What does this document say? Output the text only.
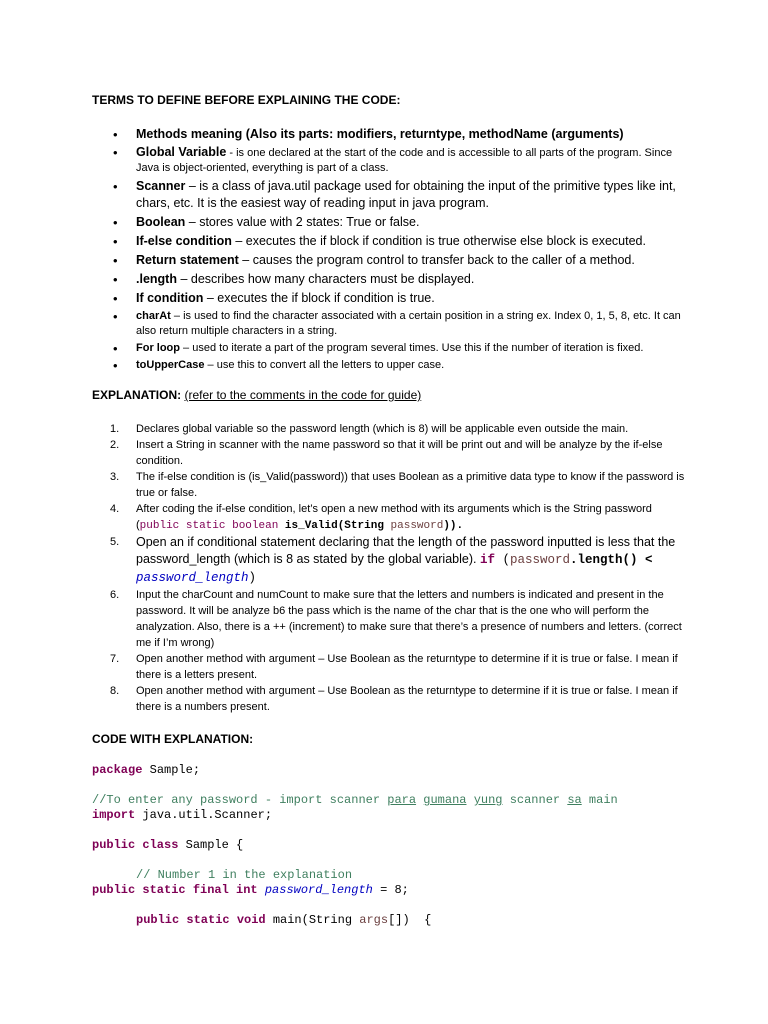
TERMS TO DEFINE BEFORE EXPLAINING THE CODE:

• Methods meaning (Also its parts: modifiers, returntype, methodName (arguments)
• Global Variable - is one declared at the start of the code and is accessible to all parts of the program. Since Java is object-oriented, everything is part of a class.
• Scanner – is a class of java.util package used for obtaining the input of the primitive types like int, chars, etc. It is the easiest way of reading input in java program.
• Boolean – stores value with 2 states: True or false.
• If-else condition – executes the if block if condition is true otherwise else block is executed.
• Return statement – causes the program control to transfer back to the caller of a method.
• .length – describes how many characters must be displayed.
• If condition – executes the if block if condition is true.
• charAt – is used to find the character associated with a certain position in a string ex. Index 0, 1, 5, 8, etc. It can also return multiple characters in a string.
• For loop – used to iterate a part of the program several times. Use this if the number of iteration is fixed.
• toUpperCase – use this to convert all the letters to upper case.

EXPLANATION: (refer to the comments in the code for guide)

1. Declares global variable so the password length (which is 8) will be applicable even outside the main.
2. Insert a String in scanner with the name password so that it will be print out and will be analyze by the if-else condition.
3. The if-else condition is (is_Valid(password)) that uses Boolean as a primitive data type to know if the password is true or false.
4. After coding the if-else condition, let’s open a new method with its arguments which is the String password (public static boolean is_Valid(String password)).
5. Open an if conditional statement declaring that the length of the password inputted is less that the password_length (which is 8 as stated by the global variable). if (password.length() <
password_length)
6. Input the charCount and numCount to make sure that the letters and numbers is indicated and present in the password. It will be analyze b6 the pass which is the name of the char that is the one who will perform the analyzation. Also, there is a ++ (increment) to make sure that there’s a presence of numbers and letters. (correct me if I’m wrong)
7. Open another method with argument – Use Boolean as the returntype to determine if it is true or false. I mean if there is a letters present.
8. Open another method with argument – Use Boolean as the returntype to determine if it is true or false. I mean if there is a numbers present.

CODE WITH EXPLANATION:

package Sample;
//To enter any password - import scanner para gumana yung scanner sa main
import java.util.Scanner;
public class Sample {
// Number 1 in the explanation
public static final int password_length = 8;
public static void main(String args[])  {
